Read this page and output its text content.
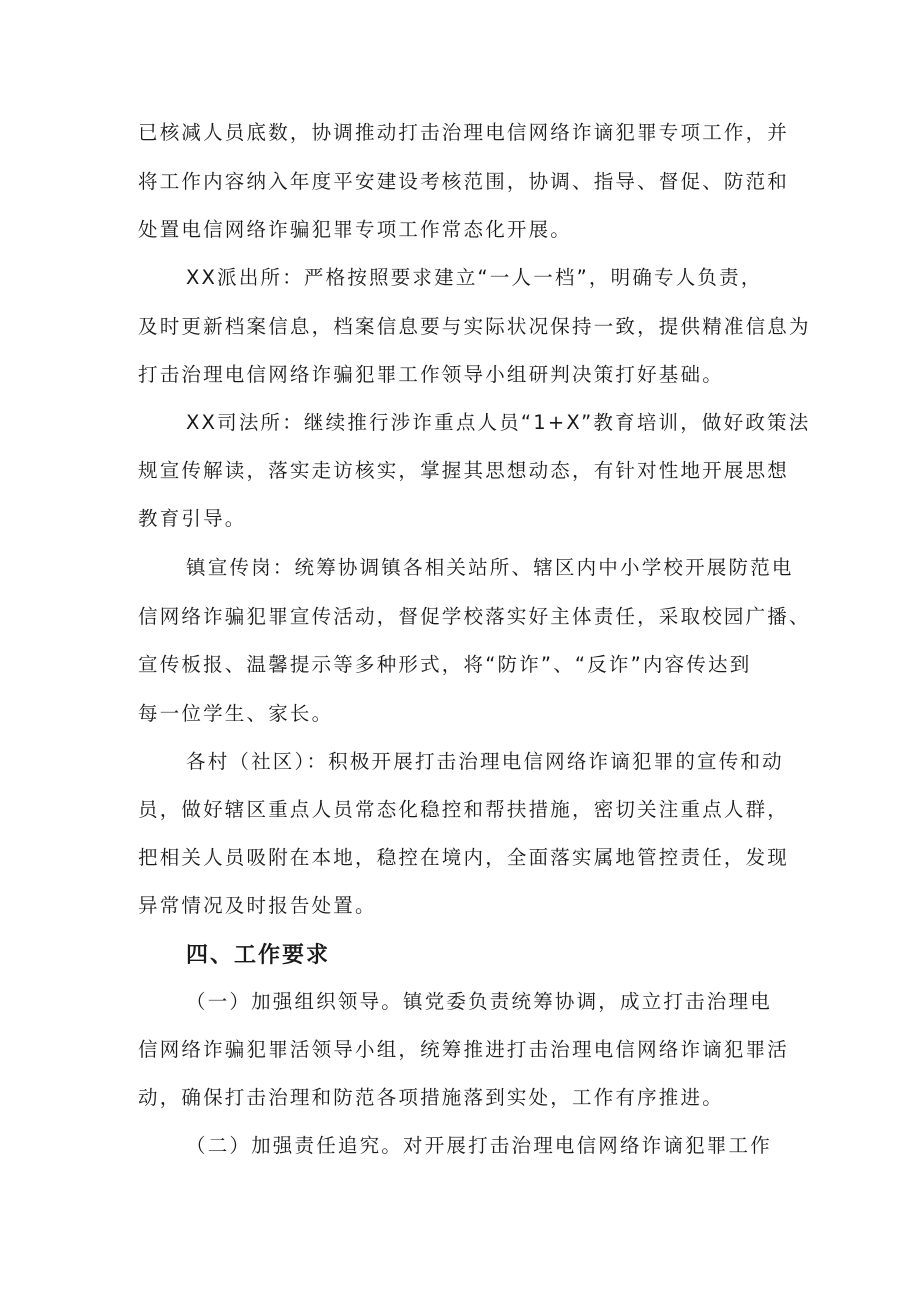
已核减人员底数，协调推动打击治理电信网络诈谪犯罪专项工作，并
将工作内容纳入年度平安建设考核范围，协调、指导、督促、防范和
处置电信网络诈骗犯罪专项工作常态化开展。
XX派出所：严格按照要求建立“一人一档”，明确专人负责，
及时更新档案信息，档案信息要与实际状况保持一致，提供精准信息为
打击治理电信网络诈骗犯罪工作领导小组研判决策打好基础。
XX司法所：继续推行涉诈重点人员“1+X”教育培训，做好政策法
规宣传解读，落实走访核实，掌握其思想动态，有针对性地开展思想
教育引导。
镇宣传岗：统筹协调镇各相关站所、辖区内中小学校开展防范电
信网络诈骗犯罪宣传活动，督促学校落实好主体责任，采取校园广播、
宣传板报、温馨提示等多种形式，将“防诈”、“反诈”内容传达到
每一位学生、家长。
各村（社区）：积极开展打击治理电信网络诈谪犯罪的宣传和动
员，做好辖区重点人员常态化稳控和帮扶措施，密切关注重点人群，
把相关人员吸附在本地，稳控在境内，全面落实属地管控责任，发现
异常情况及时报告处置。
四、工作要求
（一）加强组织领导。镇党委负责统筹协调，成立打击治理电
信网络诈骗犯罪活领导小组，统筹推进打击治理电信网络诈谪犯罪活
动，确保打击治理和防范各项措施落到实处，工作有序推进。
（二）加强责任追究。对开展打击治理电信网络诈谪犯罪工作
